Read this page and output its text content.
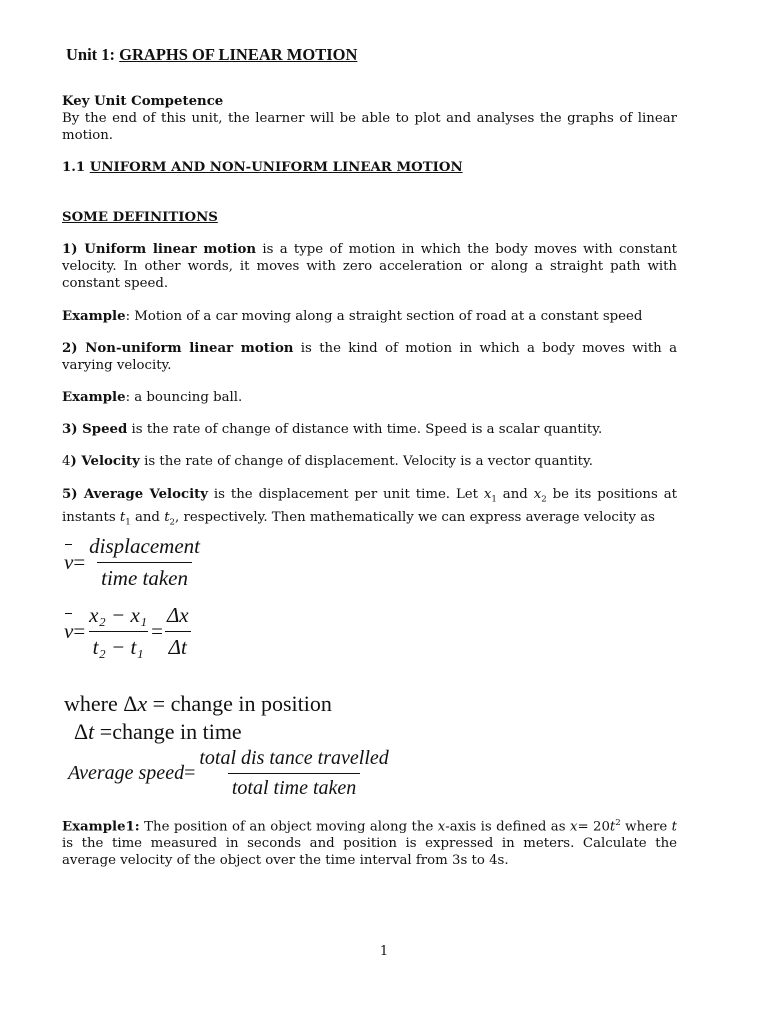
Unit 1: GRAPHS OF LINEAR MOTION
Key Unit Competence
By the end of this unit, the learner will be able to plot and analyses the graphs of linear motion.
1.1 UNIFORM AND NON-UNIFORM LINEAR MOTION
SOME DEFINITIONS
1) Uniform linear motion is a type of motion in which the body moves with constant velocity. In other words, it moves with zero acceleration or along a straight path with constant speed.
Example: Motion of a car moving along a straight section of road at a constant speed
2) Non-uniform linear motion is the kind of motion in which a body moves with a varying velocity.
Example: a bouncing ball.
3) Speed is the rate of change of distance with time. Speed is a scalar quantity.
4) Velocity is the rate of change of displacement. Velocity is a vector quantity.
5) Average Velocity is the displacement per unit time. Let $x_1$ and $x_2$ be its positions at instants $t_1$ and $t_2$, respectively. Then mathematically we can express average velocity as
$v = \frac{\text{displacement}}{\text{time taken}}$
$v = \frac{\text{x₂ − x₁}}{\text{t₂ − t₁}} = \frac{\Delta x}{\Delta t}$
where Δx = change in position
Δt =change in time
Average speed = $\frac{\text{total dis tance travelled}}{\text{total time taken}}$
Example1: The position of an object moving along the x-axis is defined as $x= 20t^2$ where t is the time measured in seconds and position is expressed in meters. Calculate the average velocity of the object over the time interval from 3s to 4s.
1
